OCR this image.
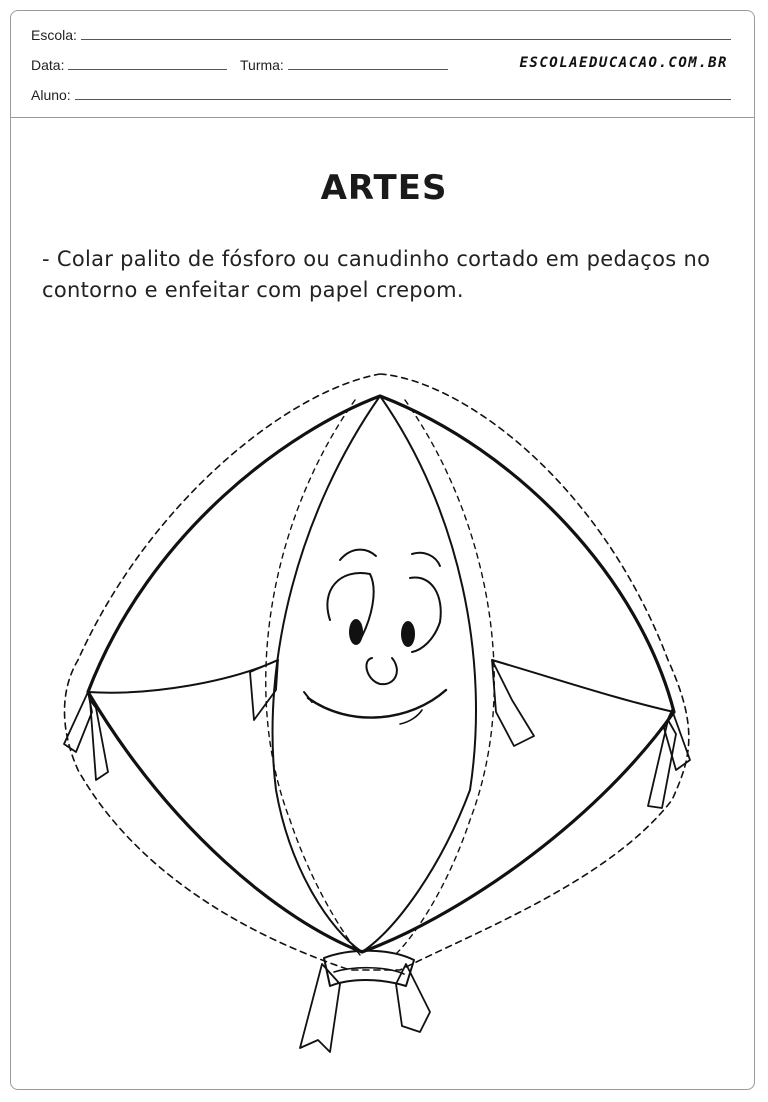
Escola:
Data:	Turma:	ESCOLAEDUCACAO.COM.BR
Aluno:
ARTES
- Colar palito de fósforo ou canudinho cortado em pedaços no contorno e enfeitar com papel crepom.
